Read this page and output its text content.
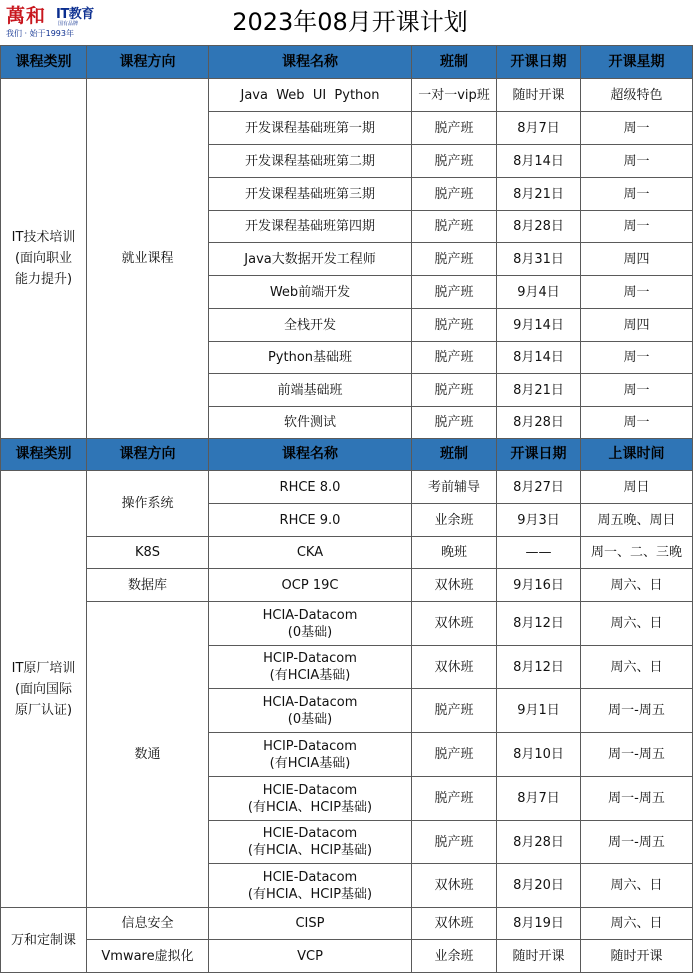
萬和 IT教育
国有品牌
我们 · 始于1993年	2023年08月开课计划
课程类别	课程方向	课程名称	班制	开课日期	开课星期
IT技术培训
(面向职业
能力提升)	就业课程	Java  Web  UI  Python	一对一vip班	随时开课	超级特色
		开发课程基础班第一期	脱产班	8月7日	周一
		开发课程基础班第二期	脱产班	8月14日	周一
		开发课程基础班第三期	脱产班	8月21日	周一
		开发课程基础班第四期	脱产班	8月28日	周一
		Java大数据开发工程师	脱产班	8月31日	周四
		Web前端开发	脱产班	9月4日	周一
		全栈开发	脱产班	9月14日	周四
		Python基础班	脱产班	8月14日	周一
		前端基础班	脱产班	8月21日	周一
		软件测试	脱产班	8月28日	周一
课程类别	课程方向	课程名称	班制	开课日期	上课时间
IT原厂培训
(面向国际
原厂认证)	操作系统	RHCE 8.0	考前辅导	8月27日	周日
		RHCE 9.0	业余班	9月3日	周五晚、周日
	K8S	CKA	晚班	——	周一、二、三晚
	数据库	OCP 19C	双休班	9月16日	周六、日
	数通	HCIA-Datacom
(0基础)	双休班	8月12日	周六、日

		HCIP-Datacom
(有HCIA基础)	双休班	8月12日	周六、日

		HCIA-Datacom
(0基础)	脱产班	9月1日	周一-周五

		HCIP-Datacom
(有HCIA基础)	脱产班	8月10日	周一-周五

		HCIE-Datacom
(有HCIA、HCIP基础)	脱产班	8月7日	周一-周五

		HCIE-Datacom
(有HCIA、HCIP基础)	脱产班	8月28日	周一-周五

		HCIE-Datacom
(有HCIA、HCIP基础)	双休班	8月20日	周六、日
万和定制课	信息安全	CISP	双休班	8月19日	周六、日
	Vmware虚拟化	VCP	业余班	随时开课	随时开课
